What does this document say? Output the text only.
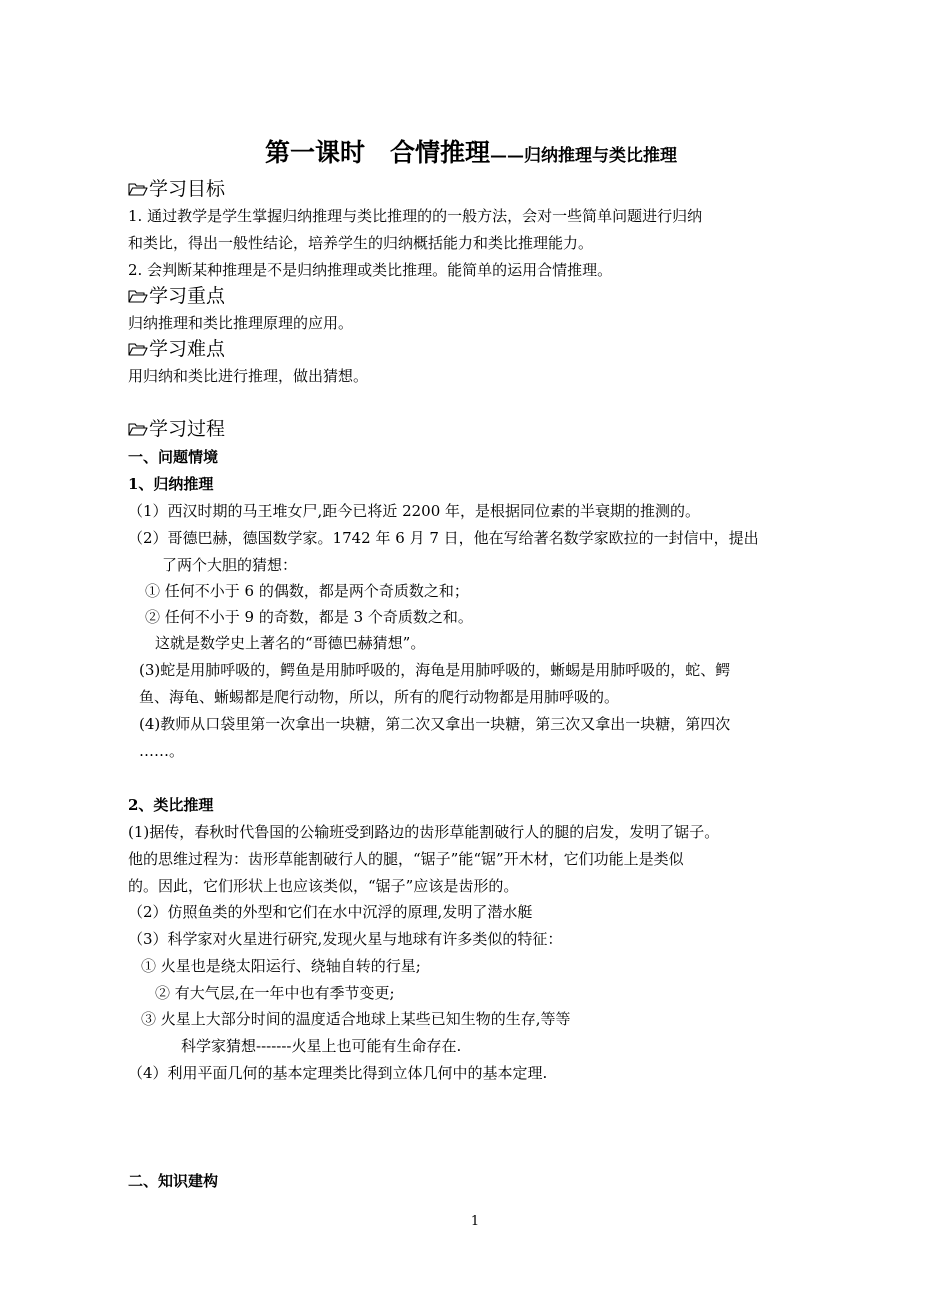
第一课时　合情推理——归纳推理与类比推理
学习目标
1. 通过教学是学生掌握归纳推理与类比推理的的一般方法，会对一些简单问题进行归纳
和类比，得出一般性结论，培养学生的归纳概括能力和类比推理能力。
2. 会判断某种推理是不是归纳推理或类比推理。能简单的运用合情推理。
学习重点
归纳推理和类比推理原理的应用。
学习难点
用归纳和类比进行推理，做出猜想。
学习过程
一、问题情境
1、归纳推理
（1）西汉时期的马王堆女尸,距今已将近 2200 年，是根据同位素的半衰期的推测的。
（2）哥德巴赫，德国数学家。1742 年 6 月 7 日，他在写给著名数学家欧拉的一封信中，提出
了两个大胆的猜想：
① 任何不小于 6 的偶数，都是两个奇质数之和；
② 任何不小于 9 的奇数，都是 3 个奇质数之和。
这就是数学史上著名的“哥德巴赫猜想”。
(3)蛇是用肺呼吸的，鳄鱼是用肺呼吸的，海龟是用肺呼吸的，蜥蜴是用肺呼吸的，蛇、鳄
鱼、海龟、蜥蜴都是爬行动物，所以，所有的爬行动物都是用肺呼吸的。
(4)教师从口袋里第一次拿出一块糖，第二次又拿出一块糖，第三次又拿出一块糖，第四次
……。
2、类比推理
(1)据传，春秋时代鲁国的公输班受到路边的齿形草能割破行人的腿的启发，发明了锯子。
他的思维过程为：齿形草能割破行人的腿，“锯子”能“锯”开木材，它们功能上是类似
的。因此，它们形状上也应该类似，“锯子”应该是齿形的。
（2）仿照鱼类的外型和它们在水中沉浮的原理,发明了潜水艇
（3）科学家对火星进行研究,发现火星与地球有许多类似的特征：
① 火星也是绕太阳运行、绕轴自转的行星;
② 有大气层,在一年中也有季节变更;
③ 火星上大部分时间的温度适合地球上某些已知生物的生存,等等
科学家猜想-------火星上也可能有生命存在.
（4）利用平面几何的基本定理类比得到立体几何中的基本定理.
二、知识建构
1
